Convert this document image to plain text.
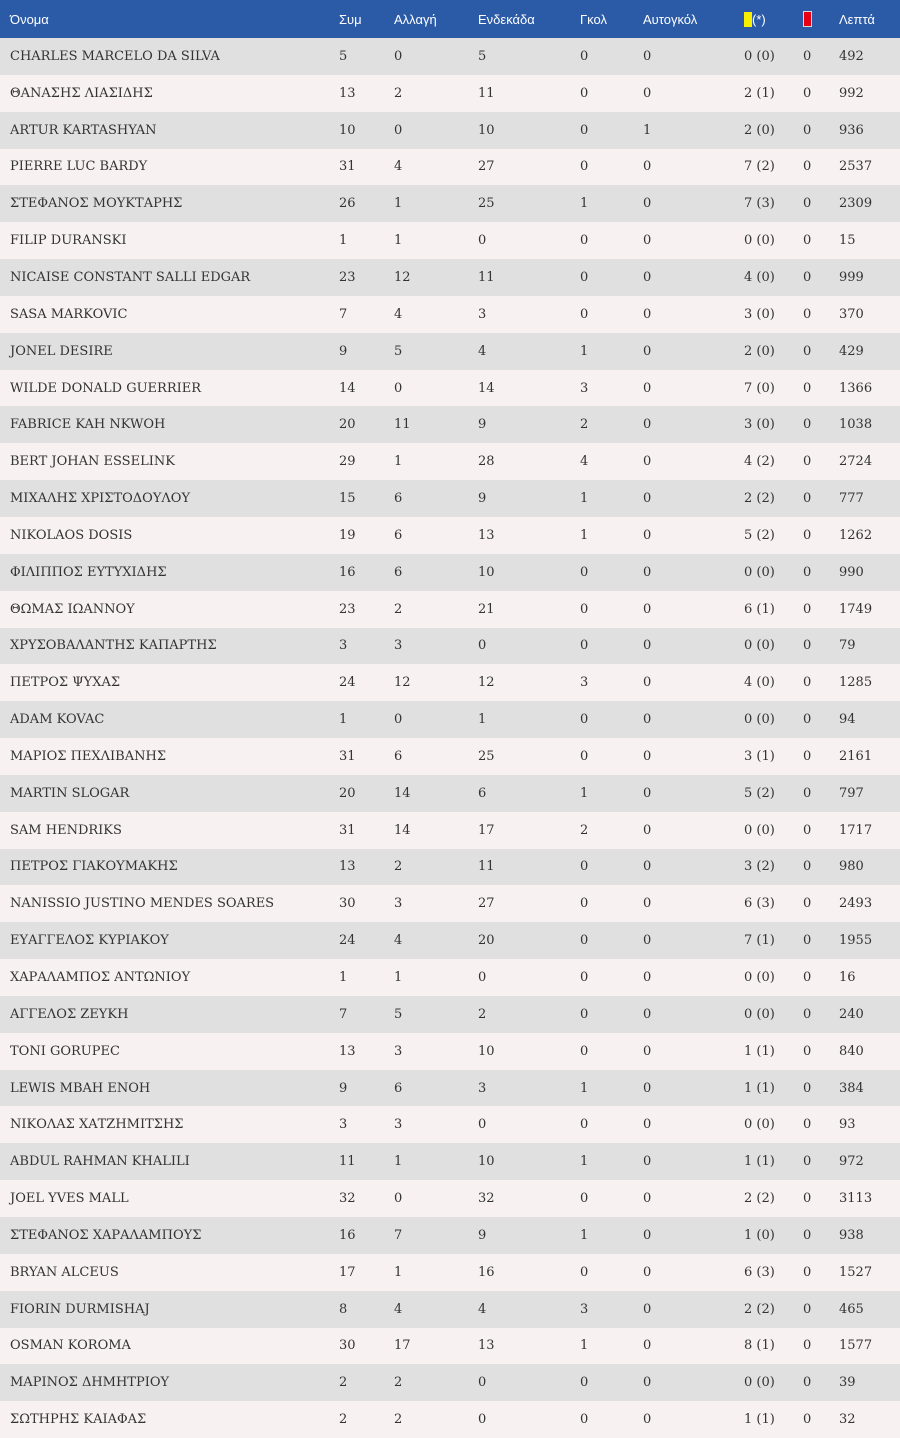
Όνομα	Συμ	Αλλαγή	Ενδεκάδα	Γκολ	Αυτογκόλ	(*)		Λεπτά
CHARLES MARCELO DA SILVA	5	0	5	0	0	0 (0)	0	492
ΘΑΝΑΣΗΣ ΛΙΑΣΙΔΗΣ	13	2	11	0	0	2 (1)	0	992
ARTUR KARTASHYAN	10	0	10	0	1	2 (0)	0	936
PIERRE LUC BARDY	31	4	27	0	0	7 (2)	0	2537
ΣΤΕΦΑΝΟΣ ΜΟΥΚΤΑΡΗΣ	26	1	25	1	0	7 (3)	0	2309
FILIP DURANSKI	1	1	0	0	0	0 (0)	0	15
NICAISE CONSTANT SALLI EDGAR	23	12	11	0	0	4 (0)	0	999
SASA MARKOVIC	7	4	3	0	0	3 (0)	0	370
JONEL DESIRE	9	5	4	1	0	2 (0)	0	429
WILDE DONALD GUERRIER	14	0	14	3	0	7 (0)	0	1366
FABRICE KAH NKWOH	20	11	9	2	0	3 (0)	0	1038
BERT JOHAN ESSELINK	29	1	28	4	0	4 (2)	0	2724
ΜΙΧΑΛΗΣ ΧΡΙΣΤΟΔΟΥΛΟΥ	15	6	9	1	0	2 (2)	0	777
NIKOLAOS DOSIS	19	6	13	1	0	5 (2)	0	1262
ΦΙΛΙΠΠΟΣ ΕΥΤΥΧΙΔΗΣ	16	6	10	0	0	0 (0)	0	990
ΘΩΜΑΣ ΙΩΑΝΝΟΥ	23	2	21	0	0	6 (1)	0	1749
ΧΡΥΣΟΒΑΛΑΝΤΗΣ ΚΑΠΑΡΤΗΣ	3	3	0	0	0	0 (0)	0	79
ΠΕΤΡΟΣ ΨΥΧΑΣ	24	12	12	3	0	4 (0)	0	1285
ADAM KOVAC	1	0	1	0	0	0 (0)	0	94
ΜΑΡΙΟΣ ΠΕΧΛΙΒΑΝΗΣ	31	6	25	0	0	3 (1)	0	2161
MARTIN SLOGAR	20	14	6	1	0	5 (2)	0	797
SAM HENDRIKS	31	14	17	2	0	0 (0)	0	1717
ΠΕΤΡΟΣ ΓΙΑΚΟΥΜΑΚΗΣ	13	2	11	0	0	3 (2)	0	980
NANISSIO JUSTINO MENDES SOARES	30	3	27	0	0	6 (3)	0	2493
ΕΥΑΓΓΕΛΟΣ ΚΥΡΙΑΚΟΥ	24	4	20	0	0	7 (1)	0	1955
ΧΑΡΑΛΑΜΠΟΣ ΑΝΤΩΝΙΟΥ	1	1	0	0	0	0 (0)	0	16
ΑΓΓΕΛΟΣ ΖΕΥΚΗ	7	5	2	0	0	0 (0)	0	240
TONI GORUPEC	13	3	10	0	0	1 (1)	0	840
LEWIS MBAH ENOH	9	6	3	1	0	1 (1)	0	384
ΝΙΚΟΛΑΣ ΧΑΤΖΗΜΙΤΣΗΣ	3	3	0	0	0	0 (0)	0	93
ABDUL RAHMAN KHALILI	11	1	10	1	0	1 (1)	0	972
JOEL YVES MALL	32	0	32	0	0	2 (2)	0	3113
ΣΤΕΦΑΝΟΣ ΧΑΡΑΛΑΜΠΟΥΣ	16	7	9	1	0	1 (0)	0	938
BRYAN ALCEUS	17	1	16	0	0	6 (3)	0	1527
FIORIN DURMISHAJ	8	4	4	3	0	2 (2)	0	465
OSMAN KOROMA	30	17	13	1	0	8 (1)	0	1577
ΜΑΡΙΝΟΣ ΔΗΜΗΤΡΙΟΥ	2	2	0	0	0	0 (0)	0	39
ΣΩΤΗΡΗΣ ΚΑΙΑΦΑΣ	2	2	0	0	0	1 (1)	0	32
